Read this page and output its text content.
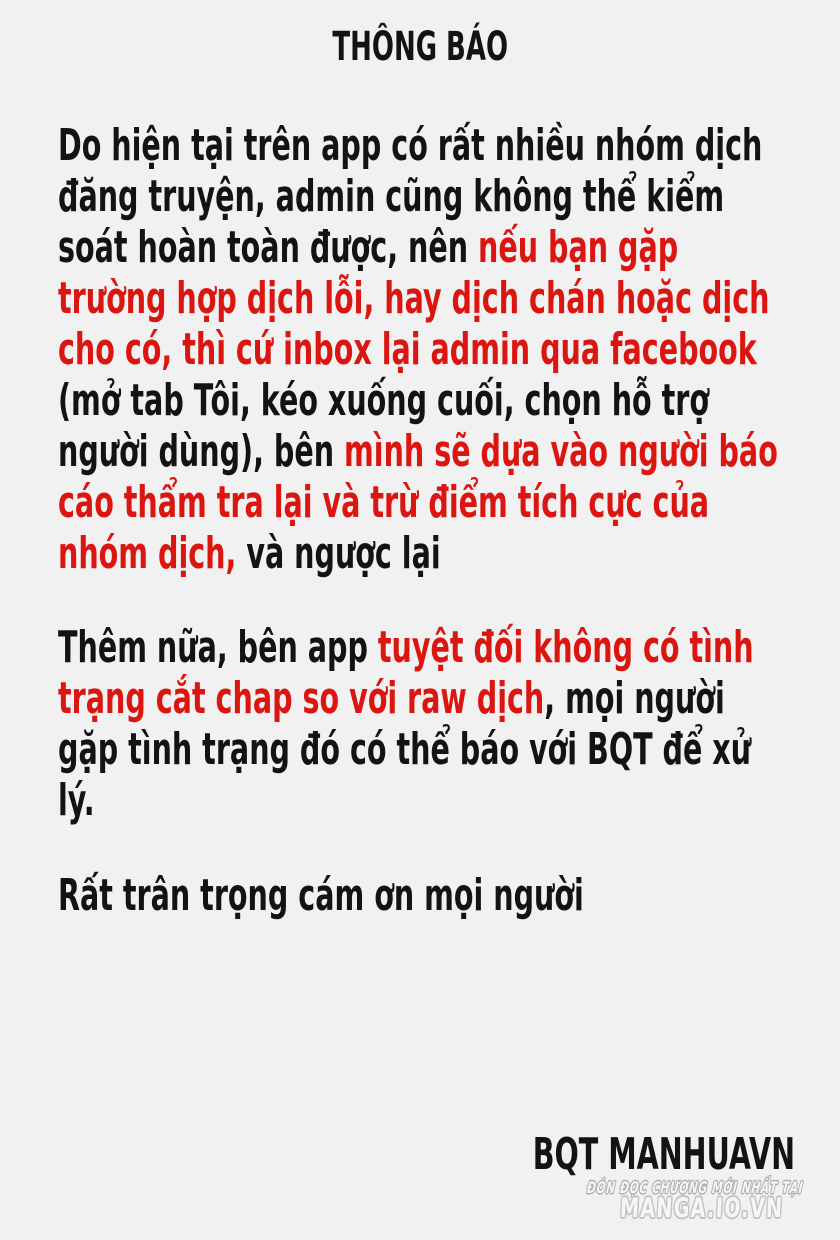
THÔNG BÁO
Do hiện tại trên app có rất nhiều nhóm dịch
đăng truyện, admin cũng không thể kiểm
soát hoàn toàn được, nên nếu bạn gặp
trường hợp dịch lỗi, hay dịch chán hoặc dịch
cho có, thì cứ inbox lại admin qua facebook
(mở tab Tôi, kéo xuống cuối, chọn hỗ trợ
người dùng), bên mình sẽ dựa vào người báo
cáo thẩm tra lại và trừ điểm tích cực của
nhóm dịch, và ngược lại
Thêm nữa, bên app tuyệt đối không có tình
trạng cắt chap so với raw dịch, mọi người
gặp tình trạng đó có thể báo với BQT để xử
lý.
Rất trân trọng cám ơn mọi người
BQT MANHUAVN
ĐÓN ĐỌC CHƯƠNG MỚI NHẤT TẠI
MANGA.IO.VN
